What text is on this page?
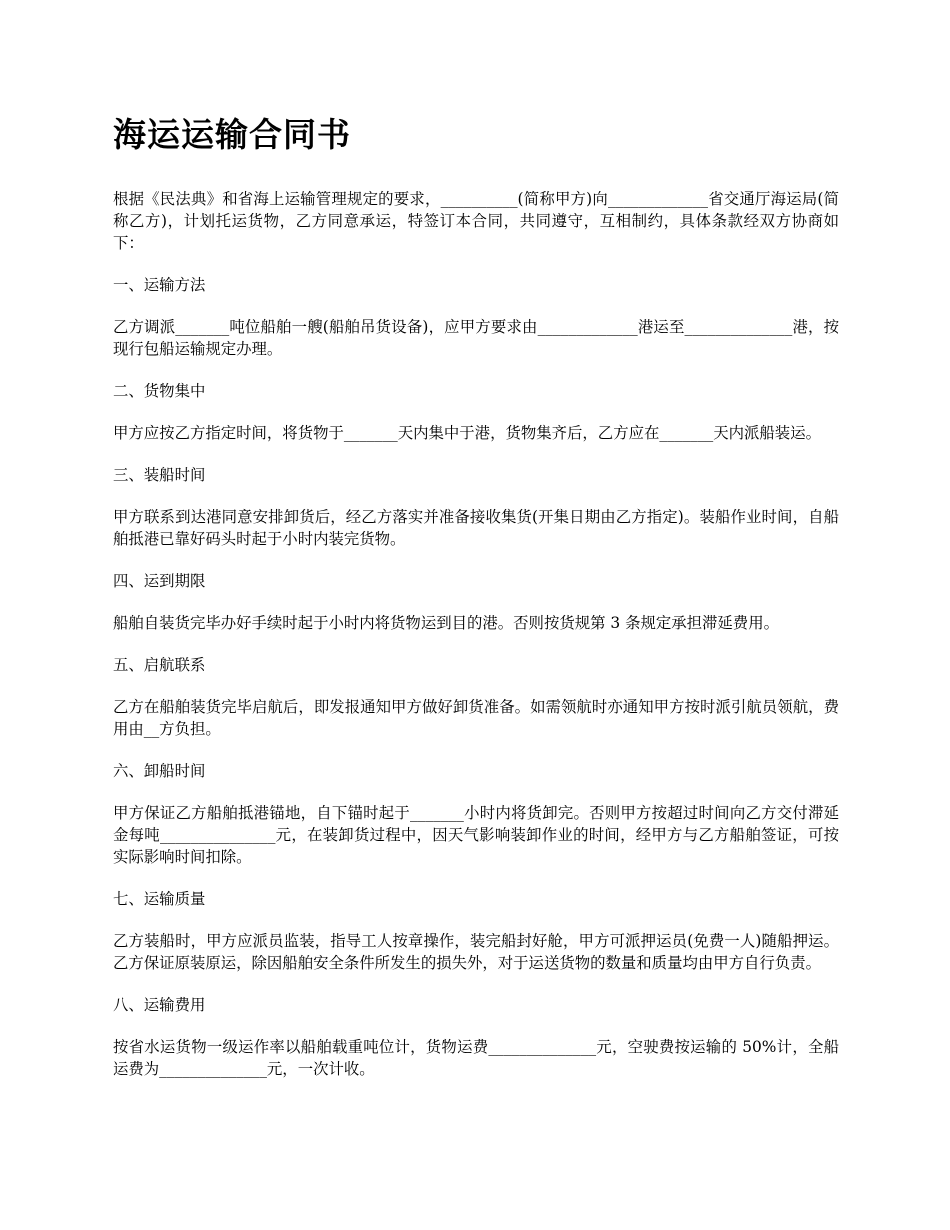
海运运输合同书

根据《民法典》和省海上运输管理规定的要求，__________(简称甲方)向_____________省交通厅海运局(简称乙方)，计划托运货物，乙方同意承运，特签订本合同，共同遵守，互相制约，具体条款经双方协商如下：

一、运输方法

乙方调派_______吨位船舶一艘(船舶吊货设备)，应甲方要求由_____________港运至______________港，按现行包船运输规定办理。

二、货物集中

甲方应按乙方指定时间，将货物于_______天内集中于港，货物集齐后，乙方应在_______天内派船装运。

三、装船时间

甲方联系到达港同意安排卸货后，经乙方落实并准备接收集货(开集日期由乙方指定)。装船作业时间，自船舶抵港已靠好码头时起于小时内装完货物。

四、运到期限

船舶自装货完毕办好手续时起于小时内将货物运到目的港。否则按货规第 3 条规定承担滞延费用。

五、启航联系

乙方在船舶装货完毕启航后，即发报通知甲方做好卸货准备。如需领航时亦通知甲方按时派引航员领航，费用由__方负担。

六、卸船时间

甲方保证乙方船舶抵港锚地，自下锚时起于_______小时内将货卸完。否则甲方按超过时间向乙方交付滞延金每吨_______________元，在装卸货过程中，因天气影响装卸作业的时间，经甲方与乙方船舶签证，可按实际影响时间扣除。

七、运输质量

乙方装船时，甲方应派员监装，指导工人按章操作，装完船封好舱，甲方可派押运员(免费一人)随船押运。乙方保证原装原运，除因船舶安全条件所发生的损失外，对于运送货物的数量和质量均由甲方自行负责。

八、运输费用

按省水运货物一级运作率以船舶载重吨位计，货物运费______________元，空驶费按运输的 50%计，全船运费为______________元，一次计收。
